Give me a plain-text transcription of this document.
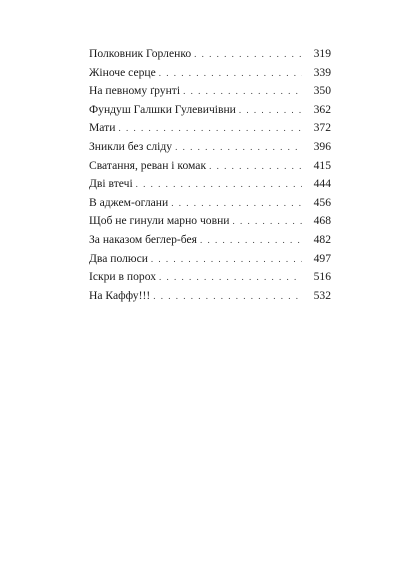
Полковник Горленко . . .	319
Жіноче серце . . .	339
На певному ґрунті . . .	350
Фундуш Галшки Гулевичівни . . .	362
Мати . . .	372
Зникли без сліду . . .	396
Сватання, реван і комак . . .	415
Дві втечі . . .	444
В аджем-оглани . . .	456
Щоб не гинули марно човни . . .	468
За наказом беглер-бея . . .	482
Два полюси . . .	497
Іскри в порох . . .	516
На Каффу!!! . . .	532
